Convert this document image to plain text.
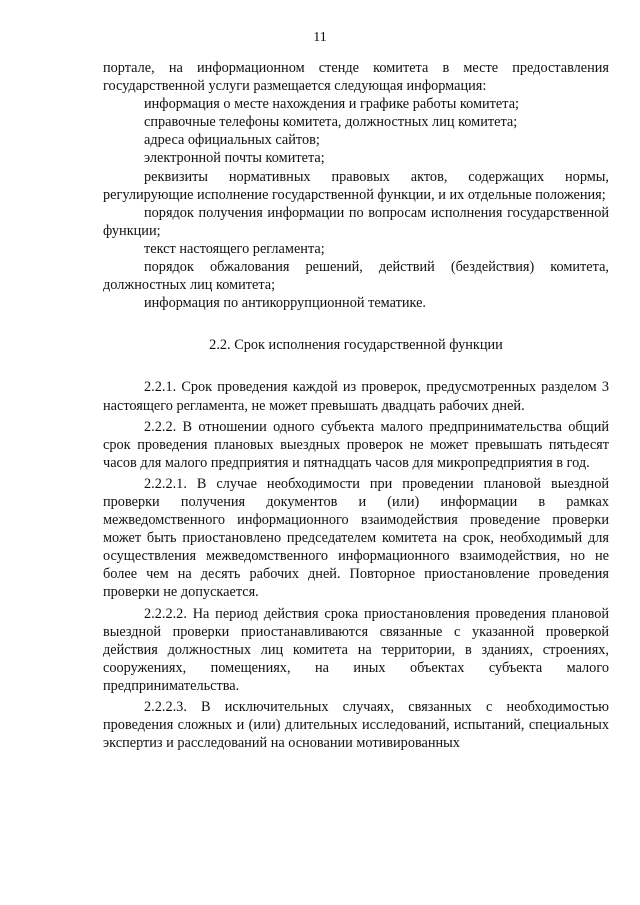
11

порталe, на информационном стенде комитета в месте предоставления государственной услуги размещается следующая информация:

информация о месте нахождения и графике работы комитета;

справочные телефоны комитета, должностных лиц комитета;

адреса официальных сайтов;

электронной почты комитета;

реквизиты нормативных правовых актов, содержащих нормы, регулирующие исполнение государственной функции, и их отдельные положения;

порядок получения информации по вопросам исполнения государственной функции;

текст настоящего регламента;

порядок обжалования решений, действий (бездействия) комитета, должностных лиц комитета;

информация по антикоррупционной тематике.

2.2. Срок исполнения государственной функции

2.2.1. Срок проведения каждой из проверок, предусмотренных разделом 3 настоящего регламента, не может превышать двадцать рабочих дней.

2.2.2. В отношении одного субъекта малого предпринимательства общий срок проведения плановых выездных проверок не может превышать пятьдесят часов для малого предприятия и пятнадцать часов для микропредприятия в год.

2.2.2.1. В случае необходимости при проведении плановой выездной проверки получения документов и (или) информации в рамках межведомственного информационного взаимодействия проведение проверки может быть приостановлено председателем комитета на срок, необходимый для осуществления межведомственного информационного взаимодействия, но не более чем на десять рабочих дней. Повторное приостановление проведения проверки не допускается.

2.2.2.2. На период действия срока приостановления проведения плановой выездной проверки приостанавливаются связанные с указанной проверкой действия должностных лиц комитета на территории, в зданиях, строениях, сооружениях, помещениях, на иных объектах субъекта малого предпринимательства.

2.2.2.3. В исключительных случаях, связанных с необходимостью проведения сложных и (или) длительных исследований, испытаний, специальных экспертиз и расследований на основании мотивированных
